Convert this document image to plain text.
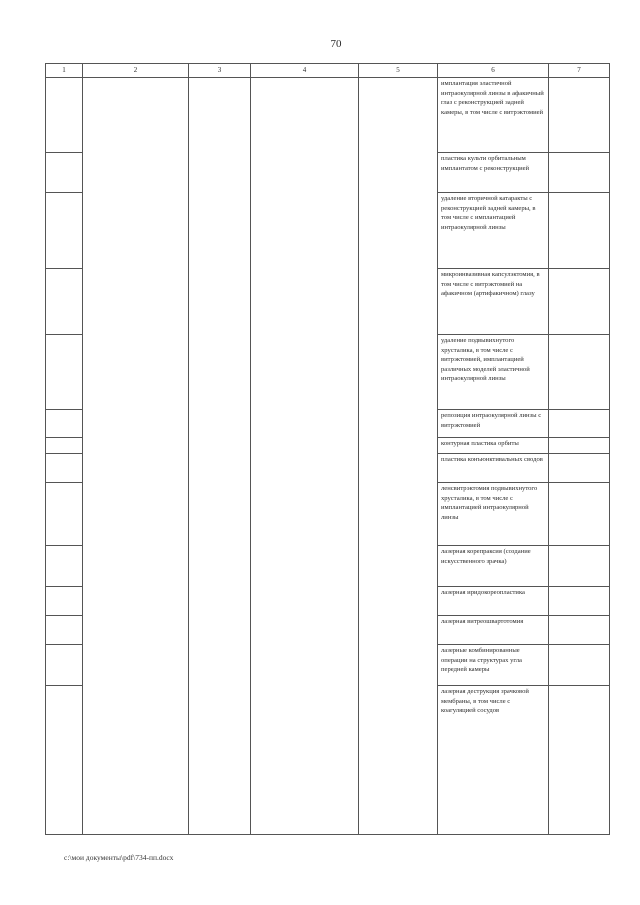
70
1	2	3	4	5	6	7
					имплантация эластичной интраокулярной линзы в афакичный глаз с реконструкцией задней камеры, в том числе с витрэктомией	
					пластика культи орбитальным имплантатом с реконструкцией	
					удаление вторичной катаракты с реконструкцией задней камеры, в том числе с имплантацией интраокулярной линзы	
					микроинвазивная капсулэктомия, в том числе с витрэктомией на афакичном (артифакичном) глазу	
					удаление подвывихнутого хрусталика, в том числе с витрэктомией, имплантацией различных моделей эластичной интраокулярной линзы	
					репозиция интраокулярной линзы с витрэктомией	
					контурная пластика орбиты	
					пластика конъюнктивальных сводов	
					ленсвитрэктомия подвывихнутого хрусталика, в том числе с имплантацией интраокулярной линзы	
					лазерная корепраксия (создание искусственного зрачка)	
					лазерная иридокореопластика	
					лазерная витреошвартотомия	
					лазерные комбинированные операции на структурах угла передней камеры	
					лазерная деструкция зрачковой мембраны, в том числе с коагуляцией сосудов	
c:\мои документы\pdf\734-пп.docx
